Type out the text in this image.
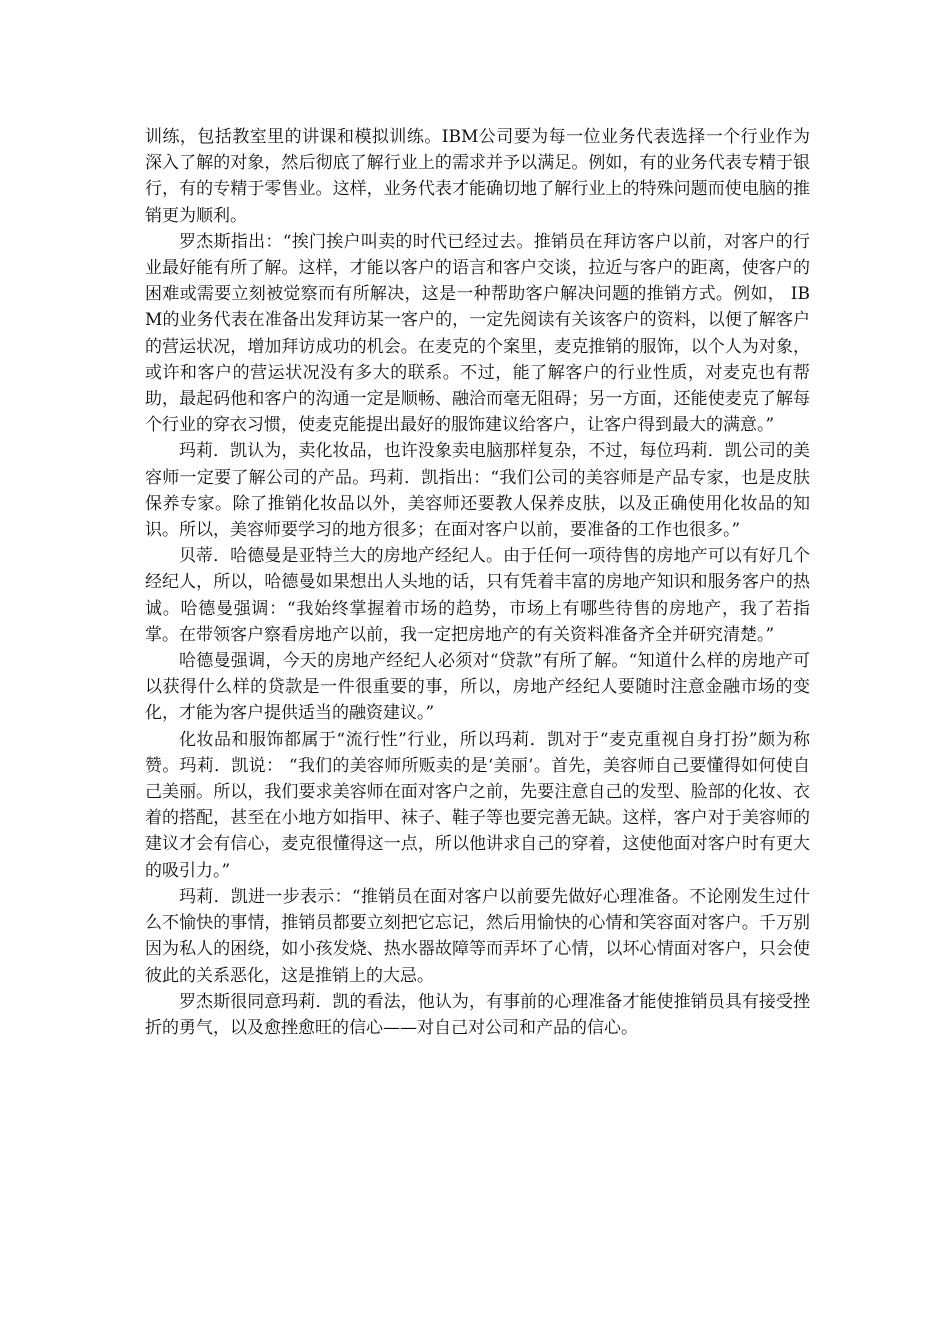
训练，包括教室里的讲课和模拟训练。IBM公司要为每一位业务代表选择一个行业作为深入了解的对象，然后彻底了解行业上的需求并予以满足。例如，有的业务代表专精于银行，有的专精于零售业。这样，业务代表才能确切地了解行业上的特殊问题而使电脑的推销更为顺利。

罗杰斯指出：“挨门挨户叫卖的时代已经过去。推销员在拜访客户以前，对客户的行业最好能有所了解。这样，才能以客户的语言和客户交谈，拉近与客户的距离，使客户的困难或需要立刻被觉察而有所解决，这是一种帮助客户解决问题的推销方式。例如， IBM的业务代表在准备出发拜访某一客户的，一定先阅读有关该客户的资料，以便了解客户的营运状况，增加拜访成功的机会。在麦克的个案里，麦克推销的服饰，以个人为对象，或许和客户的营运状况没有多大的联系。不过，能了解客户的行业性质，对麦克也有帮助，最起码他和客户的沟通一定是顺畅、融洽而毫无阻碍；另一方面，还能使麦克了解每个行业的穿衣习惯，使麦克能提出最好的服饰建议给客户，让客户得到最大的满意。”

玛莉．凯认为，卖化妆品，也许没象卖电脑那样复杂，不过，每位玛莉．凯公司的美容师一定要了解公司的产品。玛莉．凯指出：“我们公司的美容师是产品专家，也是皮肤保养专家。除了推销化妆品以外，美容师还要教人保养皮肤，以及正确使用化妆品的知识。所以，美容师要学习的地方很多；在面对客户以前，要准备的工作也很多。”

贝蒂．哈德曼是亚特兰大的房地产经纪人。由于任何一项待售的房地产可以有好几个经纪人，所以，哈德曼如果想出人头地的话，只有凭着丰富的房地产知识和服务客户的热诚。哈德曼强调：“我始终掌握着市场的趋势，市场上有哪些待售的房地产，我了若指掌。在带领客户察看房地产以前，我一定把房地产的有关资料准备齐全并研究清楚。”

哈德曼强调，今天的房地产经纪人必须对“贷款”有所了解。“知道什么样的房地产可以获得什么样的贷款是一件很重要的事，所以，房地产经纪人要随时注意金融市场的变化，才能为客户提供适当的融资建议。”

化妆品和服饰都属于“流行性”行业，所以玛莉．凯对于“麦克重视自身打扮”颇为称赞。玛莉．凯说： “我们的美容师所贩卖的是‘美丽’。首先，美容师自己要懂得如何使自己美丽。所以，我们要求美容师在面对客户之前，先要注意自己的发型、脸部的化妆、衣着的搭配，甚至在小地方如指甲、袜子、鞋子等也要完善无缺。这样，客户对于美容师的建议才会有信心，麦克很懂得这一点，所以他讲求自己的穿着，这使他面对客户时有更大的吸引力。”

玛莉．凯进一步表示：“推销员在面对客户以前要先做好心理准备。不论刚发生过什么不愉快的事情，推销员都要立刻把它忘记，然后用愉快的心情和笑容面对客户。千万别因为私人的困绕，如小孩发烧、热水器故障等而弄坏了心情，以坏心情面对客户，只会使彼此的关系恶化，这是推销上的大忌。

罗杰斯很同意玛莉．凯的看法，他认为，有事前的心理准备才能使推销员具有接受挫折的勇气，以及愈挫愈旺的信心——对自己对公司和产品的信心。
